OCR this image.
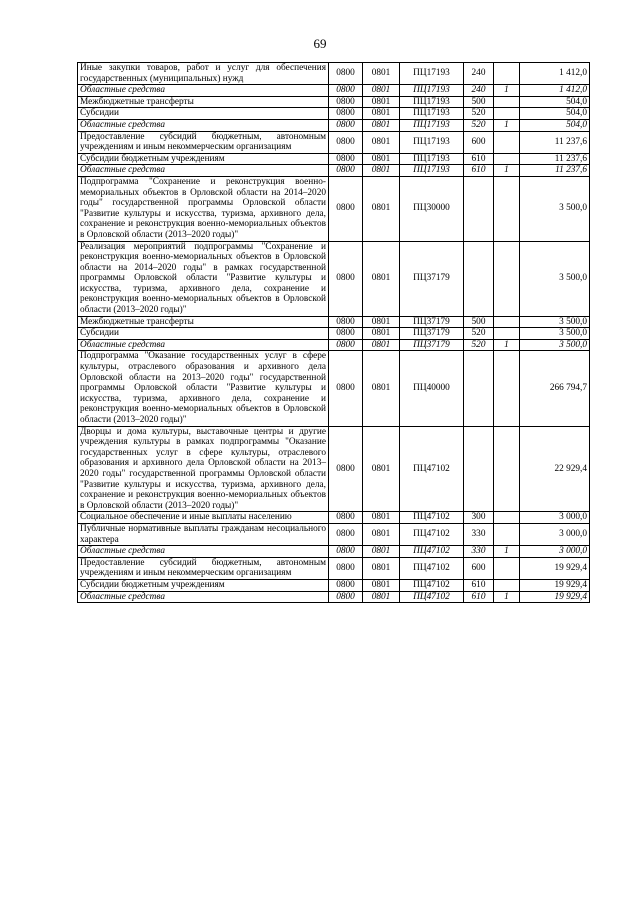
69
Иные закупки товаров, работ и услуг для обеспечения государственных (муниципальных) нужд	0800	0801	ПЦ17193	240		1 412,0
Областные средства	0800	0801	ПЦ17193	240	1	1 412,0
Межбюджетные трансферты	0800	0801	ПЦ17193	500		504,0
Субсидии	0800	0801	ПЦ17193	520		504,0
Областные средства	0800	0801	ПЦ17193	520	1	504,0
Предоставление субсидий бюджетным, автономным учреждениям и иным некоммерческим организациям	0800	0801	ПЦ17193	600		11 237,6
Субсидии бюджетным учреждениям	0800	0801	ПЦ17193	610		11 237,6
Областные средства	0800	0801	ПЦ17193	610	1	11 237,6
Подпрограмма "Сохранение и реконструкция военно-мемориальных объектов в Орловской области на 2014–2020 годы" государственной программы Орловской области "Развитие культуры и искусства, туризма, архивного дела, сохранение и реконструкция военно-мемориальных объектов в Орловской области (2013–2020 годы)"	0800	0801	ПЦ30000			3 500,0
Реализация мероприятий подпрограммы "Сохранение и реконструкция военно-мемориальных объектов в Орловской области на 2014–2020 годы" в рамках государственной программы Орловской области "Развитие культуры и искусства, туризма, архивного дела, сохранение и реконструкция военно-мемориальных объектов в Орловской области (2013–2020 годы)"	0800	0801	ПЦ37179			3 500,0
Межбюджетные трансферты	0800	0801	ПЦ37179	500		3 500,0
Субсидии	0800	0801	ПЦ37179	520		3 500,0
Областные средства	0800	0801	ПЦ37179	520	1	3 500,0
Подпрограмма "Оказание государственных услуг в сфере культуры, отраслевого образования и архивного дела Орловской области на 2013–2020 годы" государственной программы Орловской области "Развитие культуры и искусства, туризма, архивного дела, сохранение и реконструкция военно-мемориальных объектов в Орловской области (2013–2020 годы)"	0800	0801	ПЦ40000			266 794,7
Дворцы и дома культуры, выставочные центры и другие учреждения культуры в рамках подпрограммы "Оказание государственных услуг в сфере культуры, отраслевого образования и архивного дела Орловской области на 2013–2020 годы" государственной программы Орловской области "Развитие культуры и искусства, туризма, архивного дела, сохранение и реконструкция военно-мемориальных объектов в Орловской области (2013–2020 годы)"	0800	0801	ПЦ47102			22 929,4
Социальное обеспечение и иные выплаты населению	0800	0801	ПЦ47102	300		3 000,0
Публичные нормативные выплаты гражданам несоциального характера	0800	0801	ПЦ47102	330		3 000,0
Областные средства	0800	0801	ПЦ47102	330	1	3 000,0
Предоставление субсидий бюджетным, автономным учреждениям и иным некоммерческим организациям	0800	0801	ПЦ47102	600		19 929,4
Субсидии бюджетным учреждениям	0800	0801	ПЦ47102	610		19 929,4
Областные средства	0800	0801	ПЦ47102	610	1	19 929,4
